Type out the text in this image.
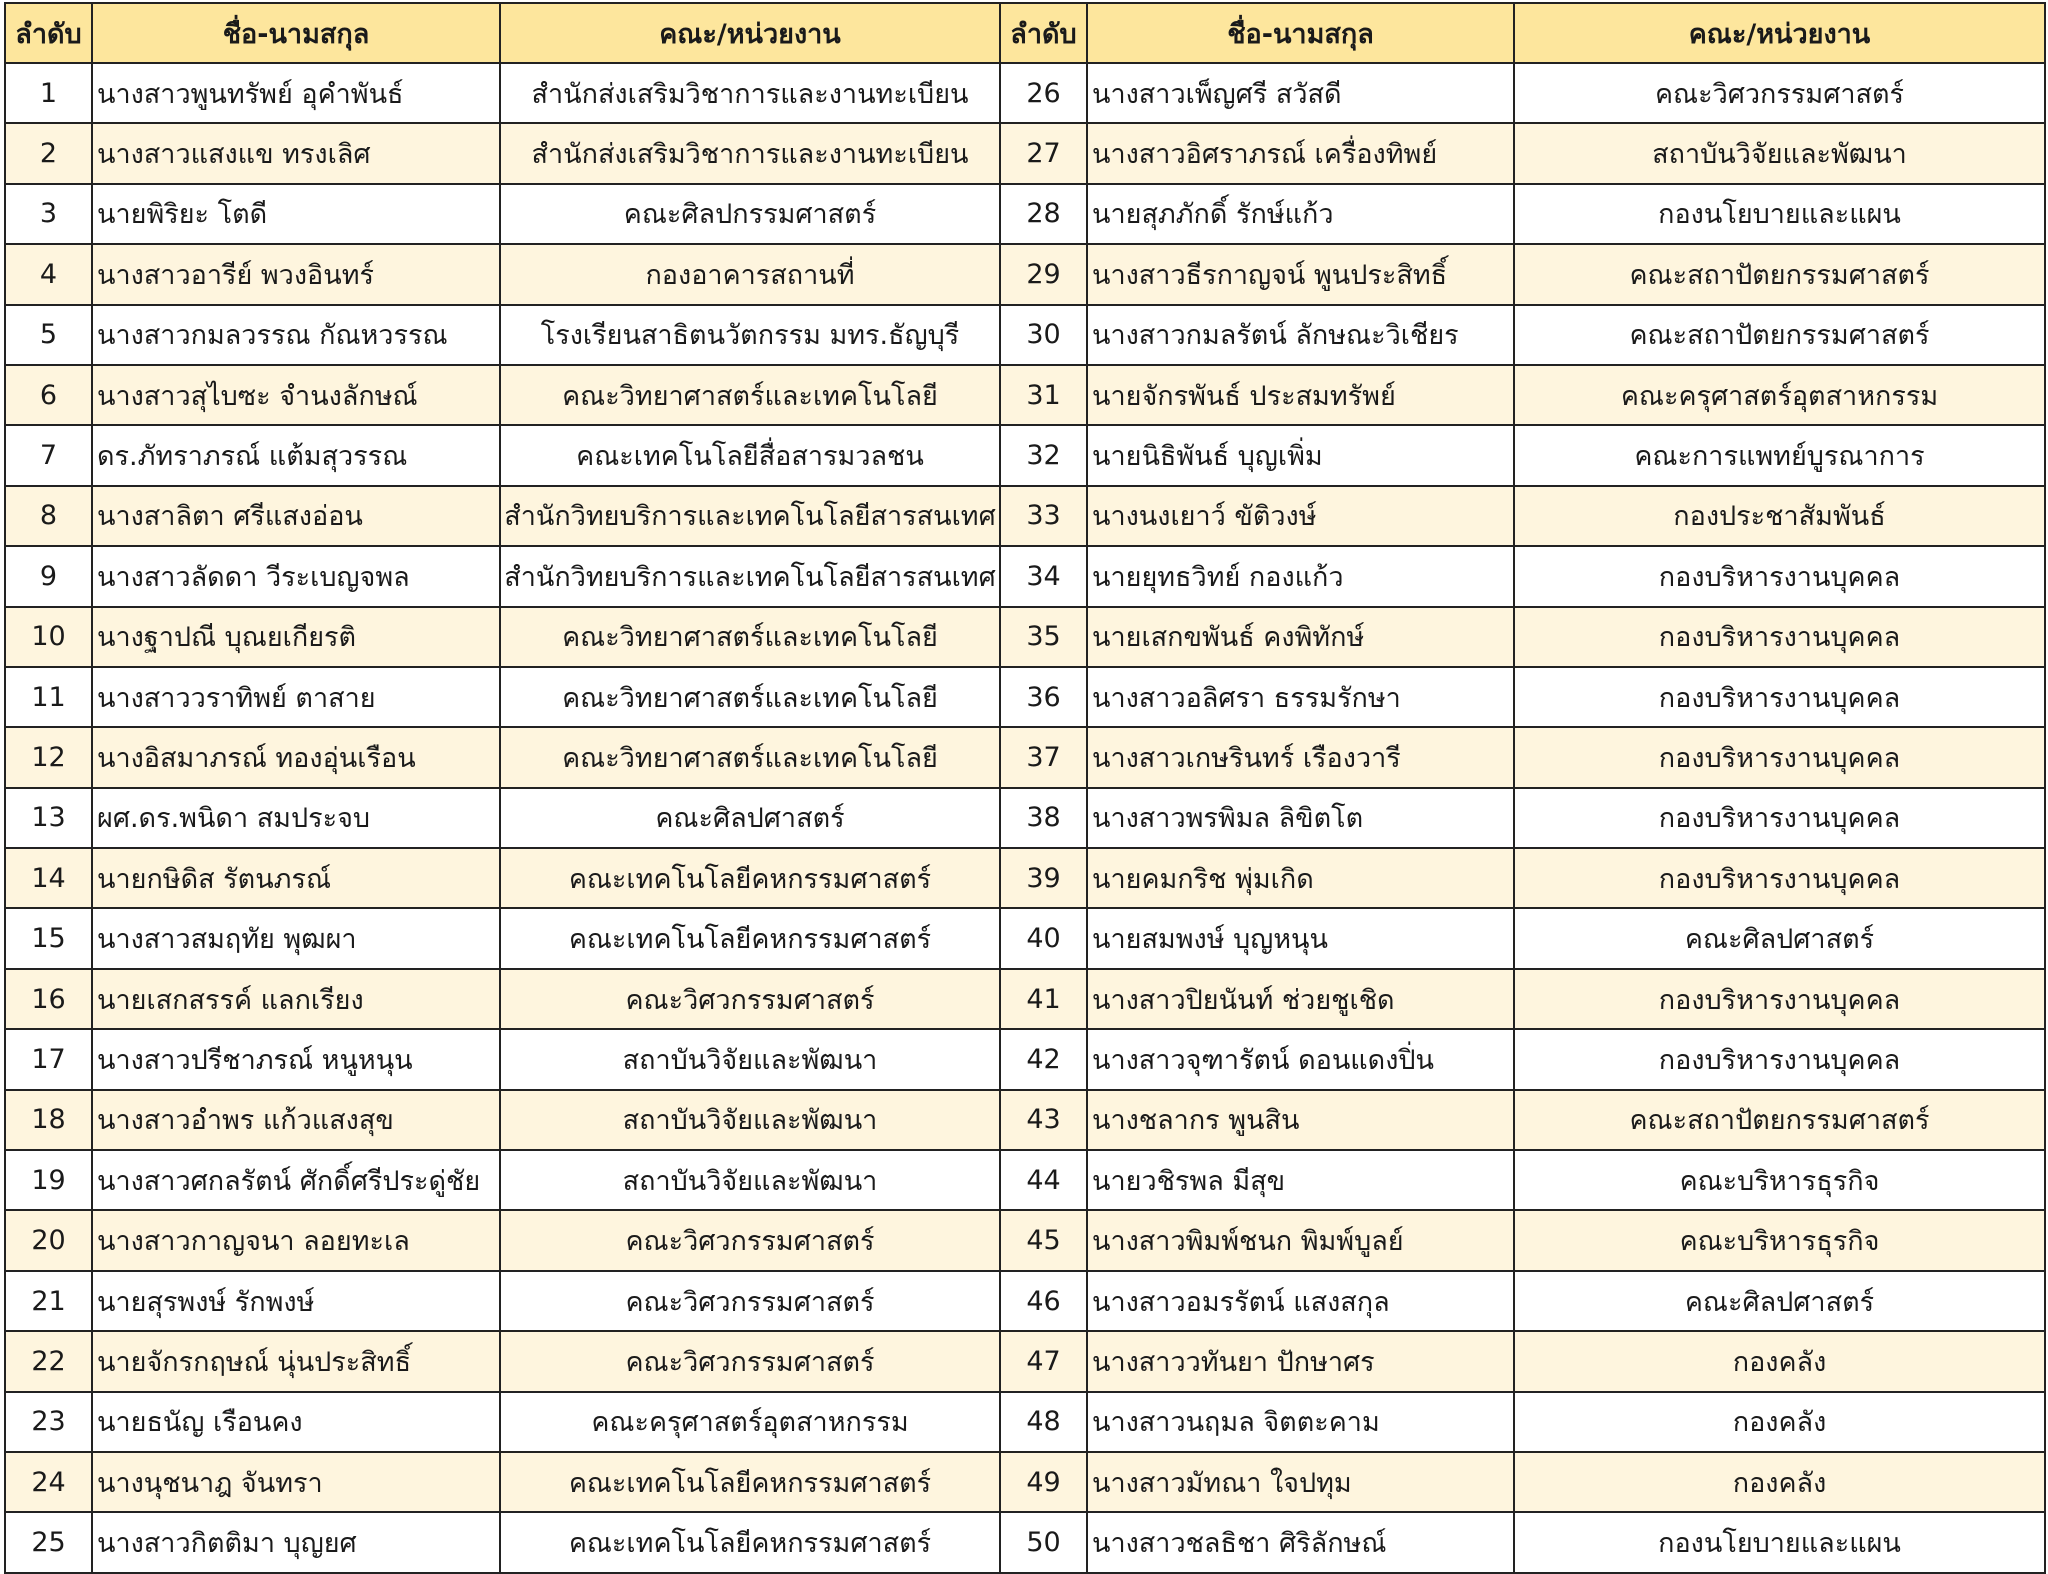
ลำดับ	ชื่อ-นามสกุล	คณะ/หน่วยงาน	ลำดับ	ชื่อ-นามสกุล	คณะ/หน่วยงาน
1	นางสาวพูนทรัพย์ อุคำพันธ์	สำนักส่งเสริมวิชาการและงานทะเบียน	26	นางสาวเพ็ญศรี สวัสดี	คณะวิศวกรรมศาสตร์
2	นางสาวแสงแข ทรงเลิศ	สำนักส่งเสริมวิชาการและงานทะเบียน	27	นางสาวอิศราภรณ์ เครื่องทิพย์	สถาบันวิจัยและพัฒนา
3	นายพิริยะ โตดี	คณะศิลปกรรมศาสตร์	28	นายสุภภักดิ์ รักษ์แก้ว	กองนโยบายและแผน
4	นางสาวอารีย์ พวงอินทร์	กองอาคารสถานที่	29	นางสาวธีรกาญจน์ พูนประสิทธิ์	คณะสถาปัตยกรรมศาสตร์
5	นางสาวกมลวรรณ กัณหวรรณ	โรงเรียนสาธิตนวัตกรรม มทร.ธัญบุรี	30	นางสาวกมลรัตน์ ลักษณะวิเชียร	คณะสถาปัตยกรรมศาสตร์
6	นางสาวสุไบซะ จำนงลักษณ์	คณะวิทยาศาสตร์และเทคโนโลยี	31	นายจักรพันธ์ ประสมทรัพย์	คณะครุศาสตร์อุตสาหกรรม
7	ดร.ภัทราภรณ์ แต้มสุวรรณ	คณะเทคโนโลยีสื่อสารมวลชน	32	นายนิธิพันธ์ บุญเพิ่ม	คณะการแพทย์บูรณาการ
8	นางสาลิตา ศรีแสงอ่อน	สำนักวิทยบริการและเทคโนโลยีสารสนเทศ	33	นางนงเยาว์ ขัติวงษ์	กองประชาสัมพันธ์
9	นางสาวลัดดา วีระเบญจพล	สำนักวิทยบริการและเทคโนโลยีสารสนเทศ	34	นายยุทธวิทย์ กองแก้ว	กองบริหารงานบุคคล
10	นางฐาปณี บุณยเกียรติ	คณะวิทยาศาสตร์และเทคโนโลยี	35	นายเสกขพันธ์ คงพิทักษ์	กองบริหารงานบุคคล
11	นางสาววราทิพย์ ตาสาย	คณะวิทยาศาสตร์และเทคโนโลยี	36	นางสาวอลิศรา ธรรมรักษา	กองบริหารงานบุคคล
12	นางอิสมาภรณ์ ทองอุ่นเรือน	คณะวิทยาศาสตร์และเทคโนโลยี	37	นางสาวเกษรินทร์ เรืองวารี	กองบริหารงานบุคคล
13	ผศ.ดร.พนิดา สมประจบ	คณะศิลปศาสตร์	38	นางสาวพรพิมล ลิขิตโต	กองบริหารงานบุคคล
14	นายกษิดิส รัตนภรณ์	คณะเทคโนโลยีคหกรรมศาสตร์	39	นายคมกริช พุ่มเกิด	กองบริหารงานบุคคล
15	นางสาวสมฤทัย พุฒผา	คณะเทคโนโลยีคหกรรมศาสตร์	40	นายสมพงษ์ บุญหนุน	คณะศิลปศาสตร์
16	นายเสกสรรค์ แลกเรียง	คณะวิศวกรรมศาสตร์	41	นางสาวปิยนันท์ ช่วยชูเชิด	กองบริหารงานบุคคล
17	นางสาวปรีชาภรณ์ หนูหนุน	สถาบันวิจัยและพัฒนา	42	นางสาวจุฑารัตน์ ดอนแดงปิ่น	กองบริหารงานบุคคล
18	นางสาวอำพร แก้วแสงสุข	สถาบันวิจัยและพัฒนา	43	นางชลากร พูนสิน	คณะสถาปัตยกรรมศาสตร์
19	นางสาวศกลรัตน์ ศักดิ์ศรีประดู่ชัย	สถาบันวิจัยและพัฒนา	44	นายวชิรพล มีสุข	คณะบริหารธุรกิจ
20	นางสาวกาญจนา ลอยทะเล	คณะวิศวกรรมศาสตร์	45	นางสาวพิมพ์ชนก พิมพ์บูลย์	คณะบริหารธุรกิจ
21	นายสุรพงษ์ รักพงษ์	คณะวิศวกรรมศาสตร์	46	นางสาวอมรรัตน์ แสงสกุล	คณะศิลปศาสตร์
22	นายจักรกฤษณ์ นุ่นประสิทธิ์	คณะวิศวกรรมศาสตร์	47	นางสาววทันยา ปักษาศร	กองคลัง
23	นายธนัญ เรือนคง	คณะครุศาสตร์อุตสาหกรรม	48	นางสาวนฤมล จิตตะคาม	กองคลัง
24	นางนุชนาฎ จันทรา	คณะเทคโนโลยีคหกรรมศาสตร์	49	นางสาวมัทณา ใจปทุม	กองคลัง
25	นางสาวกิตติมา บุญยศ	คณะเทคโนโลยีคหกรรมศาสตร์	50	นางสาวชลธิชา ศิริลักษณ์	กองนโยบายและแผน
